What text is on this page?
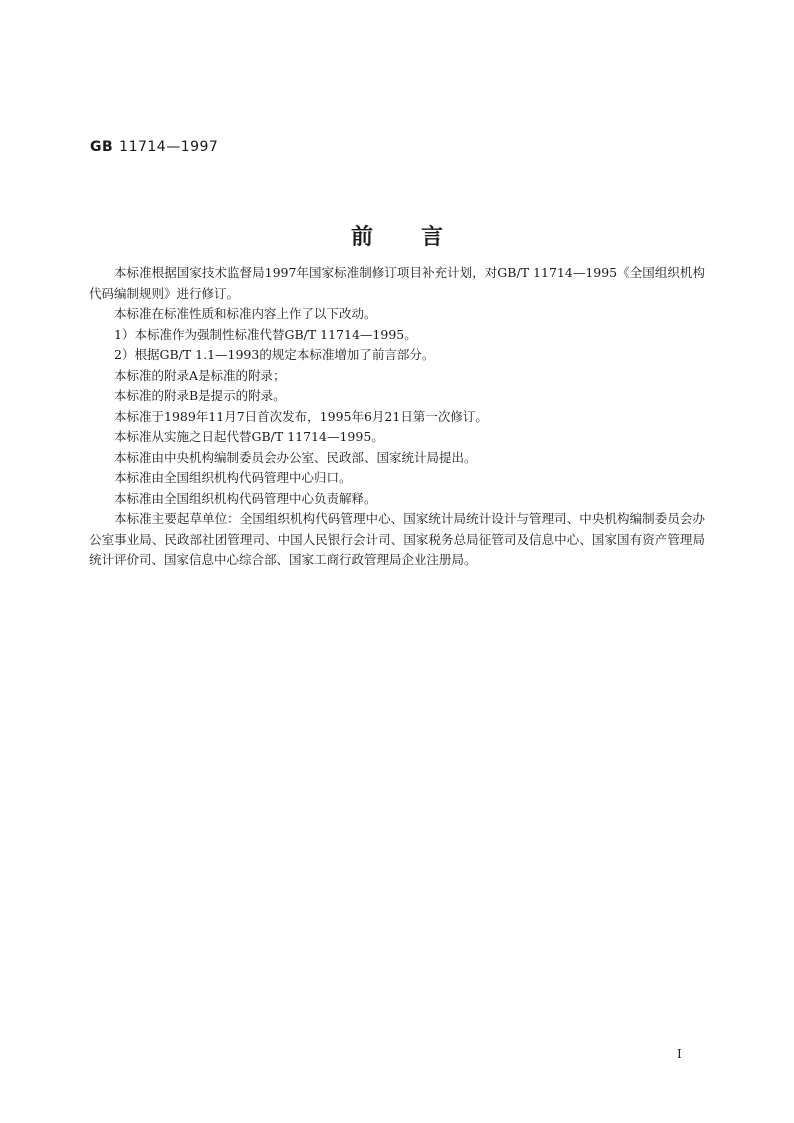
GB 11714—1997
前言

本标准根据国家技术监督局1997年国家标准制修订项目补充计划，对GB/T 11714—1995《全国组织机构代码编制规则》进行修订。

本标准在标准性质和标准内容上作了以下改动。

1）本标准作为强制性标准代替GB/T 11714—1995。

2）根据GB/T 1.1—1993的规定本标准增加了前言部分。

本标准的附录A是标准的附录；

本标准的附录B是提示的附录。

本标准于1989年11月7日首次发布，1995年6月21日第一次修订。

本标准从实施之日起代替GB/T 11714—1995。

本标准由中央机构编制委员会办公室、民政部、国家统计局提出。

本标准由全国组织机构代码管理中心归口。

本标准由全国组织机构代码管理中心负责解释。

本标准主要起草单位：全国组织机构代码管理中心、国家统计局统计设计与管理司、中央机构编制委员会办公室事业局、民政部社团管理司、中国人民银行会计司、国家税务总局征管司及信息中心、国家国有资产管理局统计评价司、国家信息中心综合部、国家工商行政管理局企业注册局。

I
